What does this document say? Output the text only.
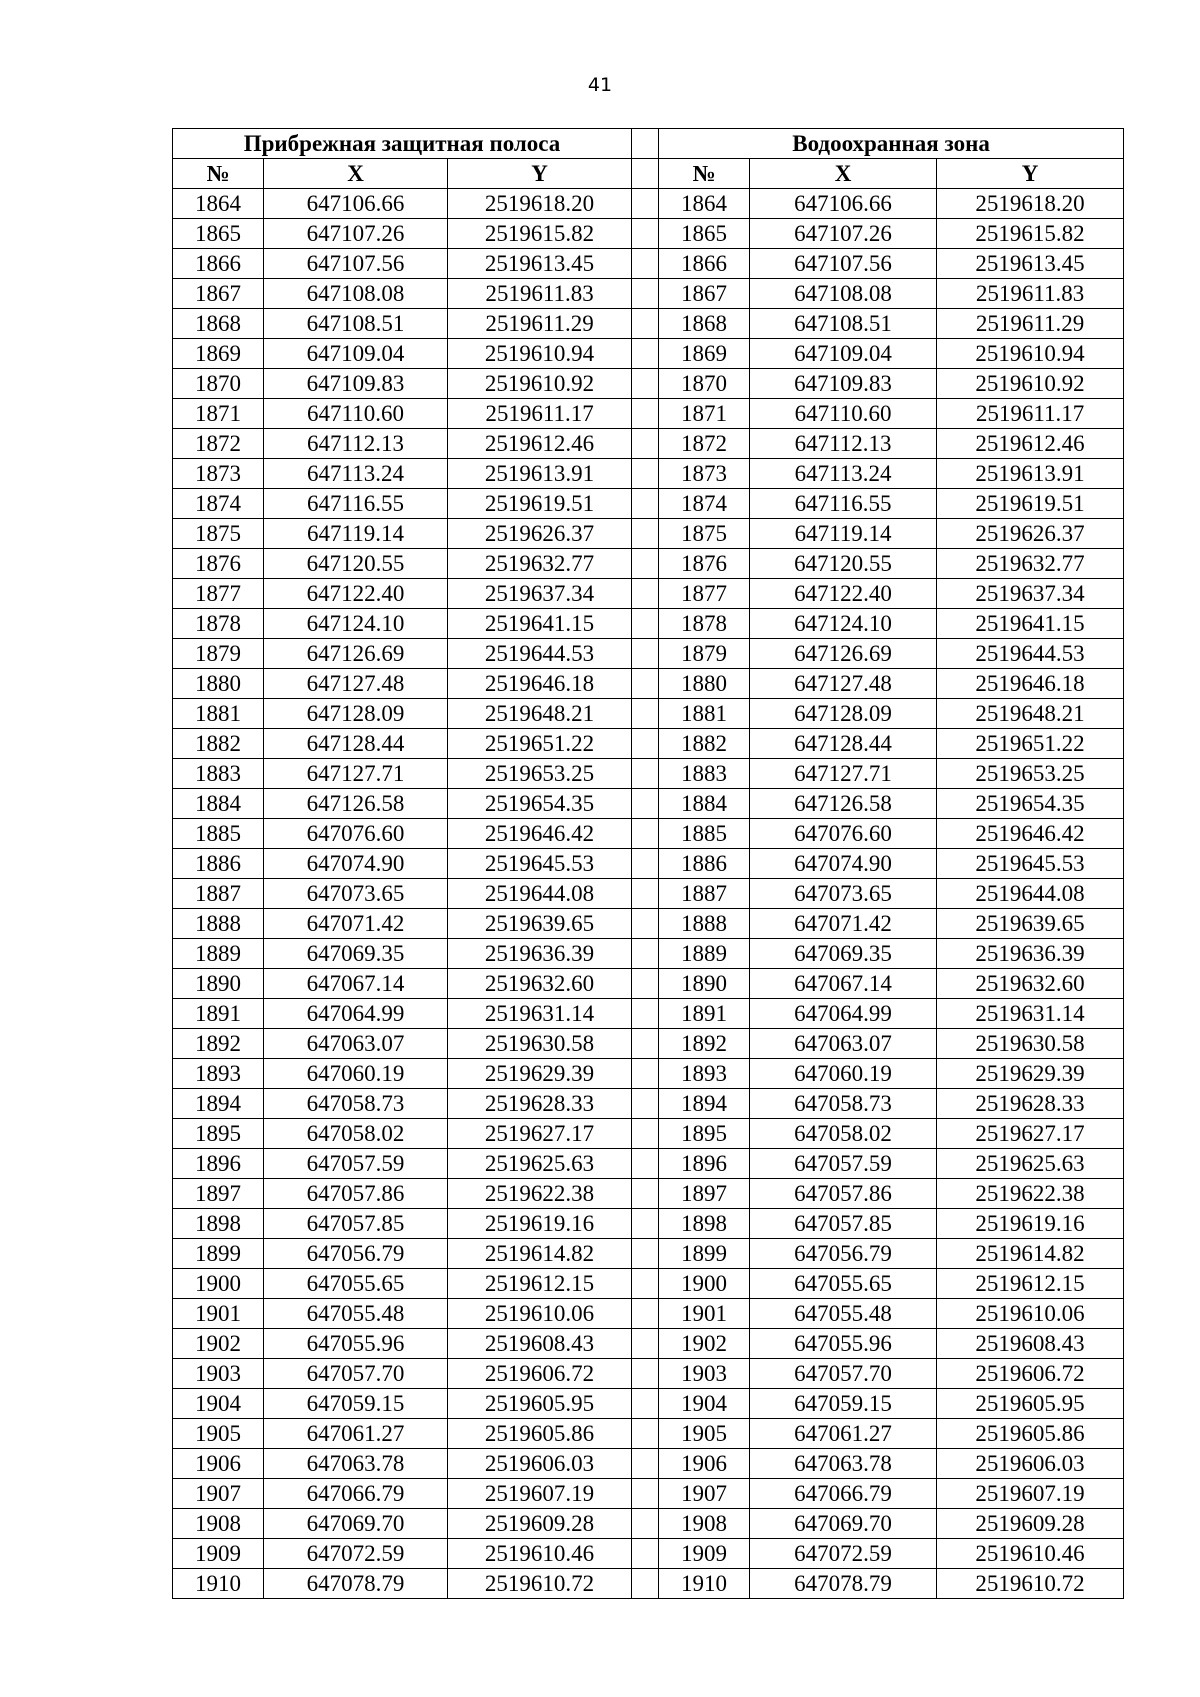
41
Прибрежная защитная полоса				Водоохранная зона		
№	X	Y		№	X	Y
1864	647106.66	2519618.20		1864	647106.66	2519618.20
1865	647107.26	2519615.82		1865	647107.26	2519615.82
1866	647107.56	2519613.45		1866	647107.56	2519613.45
1867	647108.08	2519611.83		1867	647108.08	2519611.83
1868	647108.51	2519611.29		1868	647108.51	2519611.29
1869	647109.04	2519610.94		1869	647109.04	2519610.94
1870	647109.83	2519610.92		1870	647109.83	2519610.92
1871	647110.60	2519611.17		1871	647110.60	2519611.17
1872	647112.13	2519612.46		1872	647112.13	2519612.46
1873	647113.24	2519613.91		1873	647113.24	2519613.91
1874	647116.55	2519619.51		1874	647116.55	2519619.51
1875	647119.14	2519626.37		1875	647119.14	2519626.37
1876	647120.55	2519632.77		1876	647120.55	2519632.77
1877	647122.40	2519637.34		1877	647122.40	2519637.34
1878	647124.10	2519641.15		1878	647124.10	2519641.15
1879	647126.69	2519644.53		1879	647126.69	2519644.53
1880	647127.48	2519646.18		1880	647127.48	2519646.18
1881	647128.09	2519648.21		1881	647128.09	2519648.21
1882	647128.44	2519651.22		1882	647128.44	2519651.22
1883	647127.71	2519653.25		1883	647127.71	2519653.25
1884	647126.58	2519654.35		1884	647126.58	2519654.35
1885	647076.60	2519646.42		1885	647076.60	2519646.42
1886	647074.90	2519645.53		1886	647074.90	2519645.53
1887	647073.65	2519644.08		1887	647073.65	2519644.08
1888	647071.42	2519639.65		1888	647071.42	2519639.65
1889	647069.35	2519636.39		1889	647069.35	2519636.39
1890	647067.14	2519632.60		1890	647067.14	2519632.60
1891	647064.99	2519631.14		1891	647064.99	2519631.14
1892	647063.07	2519630.58		1892	647063.07	2519630.58
1893	647060.19	2519629.39		1893	647060.19	2519629.39
1894	647058.73	2519628.33		1894	647058.73	2519628.33
1895	647058.02	2519627.17		1895	647058.02	2519627.17
1896	647057.59	2519625.63		1896	647057.59	2519625.63
1897	647057.86	2519622.38		1897	647057.86	2519622.38
1898	647057.85	2519619.16		1898	647057.85	2519619.16
1899	647056.79	2519614.82		1899	647056.79	2519614.82
1900	647055.65	2519612.15		1900	647055.65	2519612.15
1901	647055.48	2519610.06		1901	647055.48	2519610.06
1902	647055.96	2519608.43		1902	647055.96	2519608.43
1903	647057.70	2519606.72		1903	647057.70	2519606.72
1904	647059.15	2519605.95		1904	647059.15	2519605.95
1905	647061.27	2519605.86		1905	647061.27	2519605.86
1906	647063.78	2519606.03		1906	647063.78	2519606.03
1907	647066.79	2519607.19		1907	647066.79	2519607.19
1908	647069.70	2519609.28		1908	647069.70	2519609.28
1909	647072.59	2519610.46		1909	647072.59	2519610.46
1910	647078.79	2519610.72		1910	647078.79	2519610.72
